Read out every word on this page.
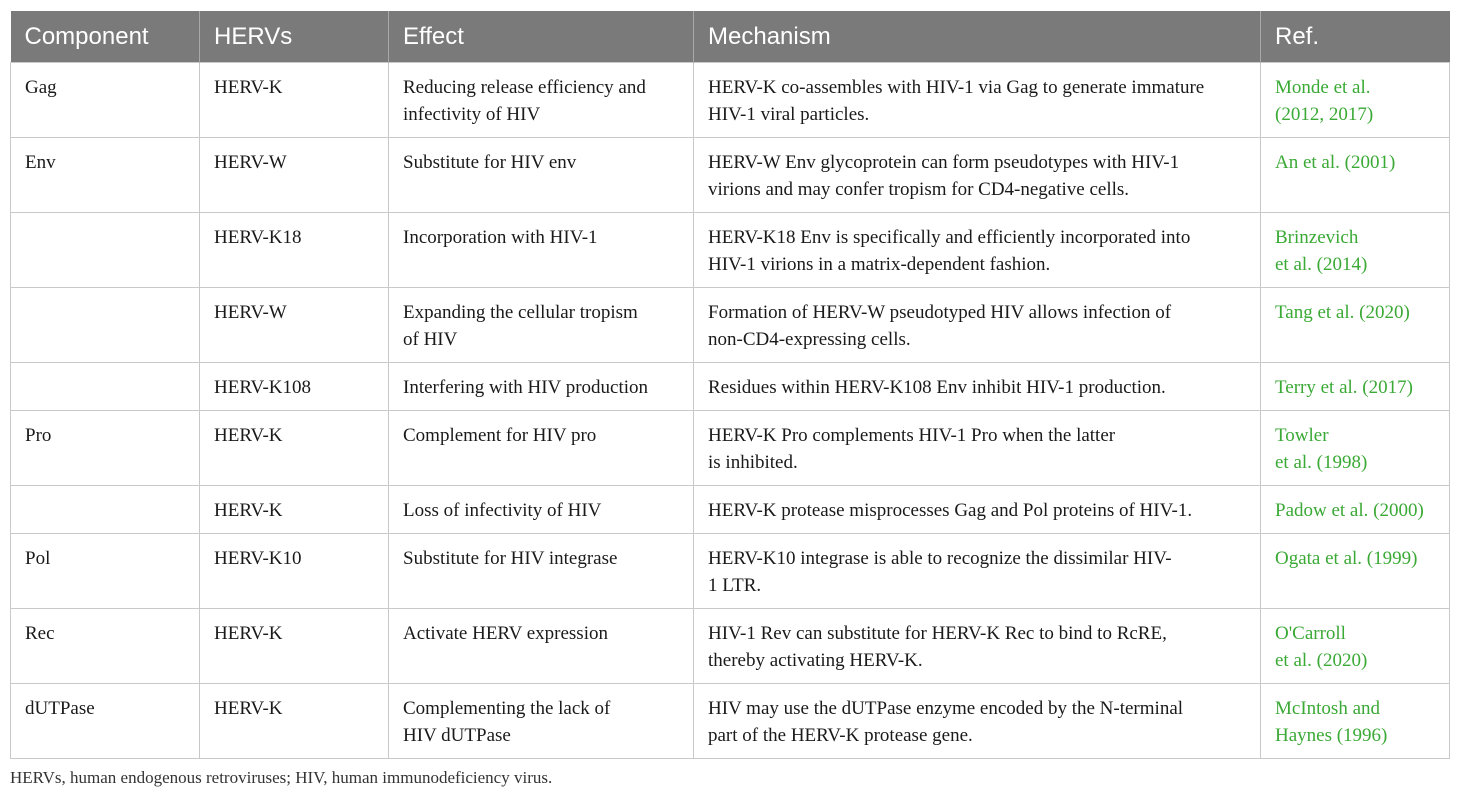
Component	HERVs	Effect	Mechanism	Ref.
Gag	HERV-K	Reducing release efficiency and
infectivity of HIV	HERV-K co-assembles with HIV-1 via Gag to generate immature
HIV-1 viral particles.	Monde et al.
(2012, 2017)

Env	HERV-W	Substitute for HIV env	HERV-W Env glycoprotein can form pseudotypes with HIV-1
virions and may confer tropism for CD4-negative cells.	An et al. (2001)

	HERV-K18	Incorporation with HIV-1	HERV-K18 Env is specifically and efficiently incorporated into
HIV-1 virions in a matrix-dependent fashion.	Brinzevich
et al. (2014)

	HERV-W	Expanding the cellular tropism
of HIV	Formation of HERV-W pseudotyped HIV allows infection of
non-CD4-expressing cells.	Tang et al. (2020)

	HERV-K108	Interfering with HIV production	Residues within HERV-K108 Env inhibit HIV-1 production.	Terry et al. (2017)

Pro	HERV-K	Complement for HIV pro	HERV-K Pro complements HIV-1 Pro when the latter
is inhibited.	Towler
et al. (1998)

	HERV-K	Loss of infectivity of HIV	HERV-K protease misprocesses Gag and Pol proteins of HIV-1.	Padow et al. (2000)

Pol	HERV-K10	Substitute for HIV integrase	HERV-K10 integrase is able to recognize the dissimilar HIV-
1 LTR.	Ogata et al. (1999)

Rec	HERV-K	Activate HERV expression	HIV-1 Rev can substitute for HERV-K Rec to bind to RcRE,
thereby activating HERV-K.	O'Carroll
et al. (2020)

dUTPase	HERV-K	Complementing the lack of
HIV dUTPase	HIV may use the dUTPase enzyme encoded by the N-terminal
part of the HERV-K protease gene.	McIntosh and
Haynes (1996)
HERVs, human endogenous retroviruses; HIV, human immunodeficiency virus.
